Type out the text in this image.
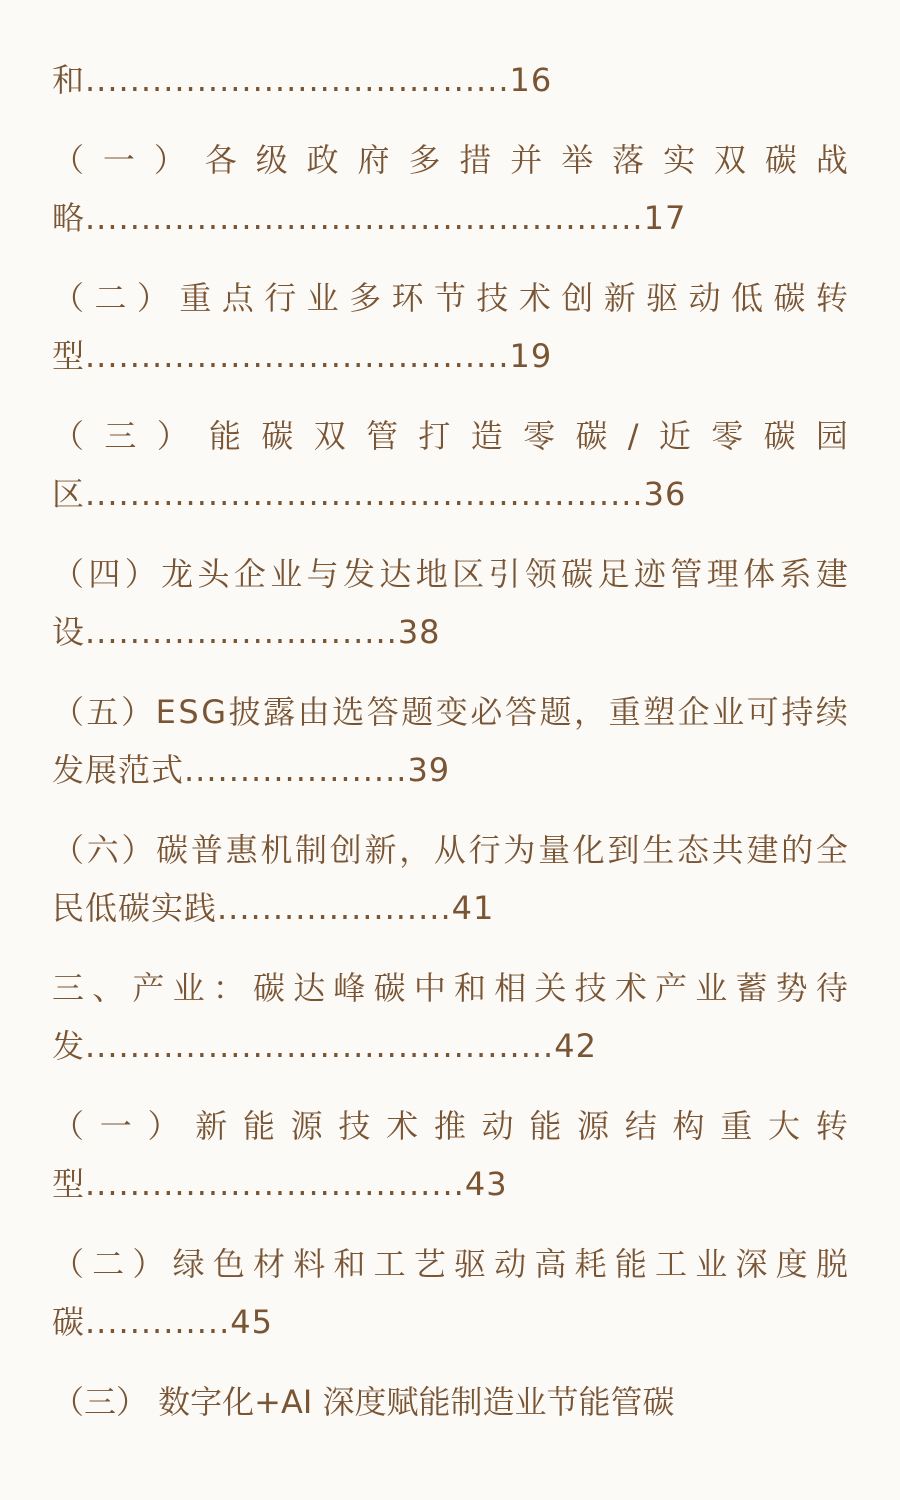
和......................................16
（ 一 ） 各 级 政 府 多 措 并 举 落 实 双 碳 战
略..................................................17
（ 二 ） 重 点 行 业 多 环 节 技 术 创 新 驱 动 低 碳 转
型......................................19
（ 三 ） 能 碳 双 管 打 造 零 碳 / 近 零 碳 园
区..................................................36
（ 四 ） 龙 头 企 业 与 发 达 地 区 引 领 碳 足 迹 管 理 体 系 建
设............................38
（ 五 ） E S G 披 露 由 选 答 题 变 必 答 题 ， 重 塑 企 业 可 持 续
发展范式....................39
（ 六 ） 碳 普 惠 机 制 创 新 ， 从 行 为 量 化 到 生 态 共 建 的 全
民低碳实践.....................41
三 、 产 业 ： 碳 达 峰 碳 中 和 相 关 技 术 产 业 蓄 势 待
发..........................................42
（ 一 ） 新 能 源 技 术 推 动 能 源 结 构 重 大 转
型..................................43
（ 二 ） 绿 色 材 料 和 工 艺 驱 动 高 耗 能 工 业 深 度 脱
碳.............45
（三） 数字化+AI 深度赋能制造业节能管碳
